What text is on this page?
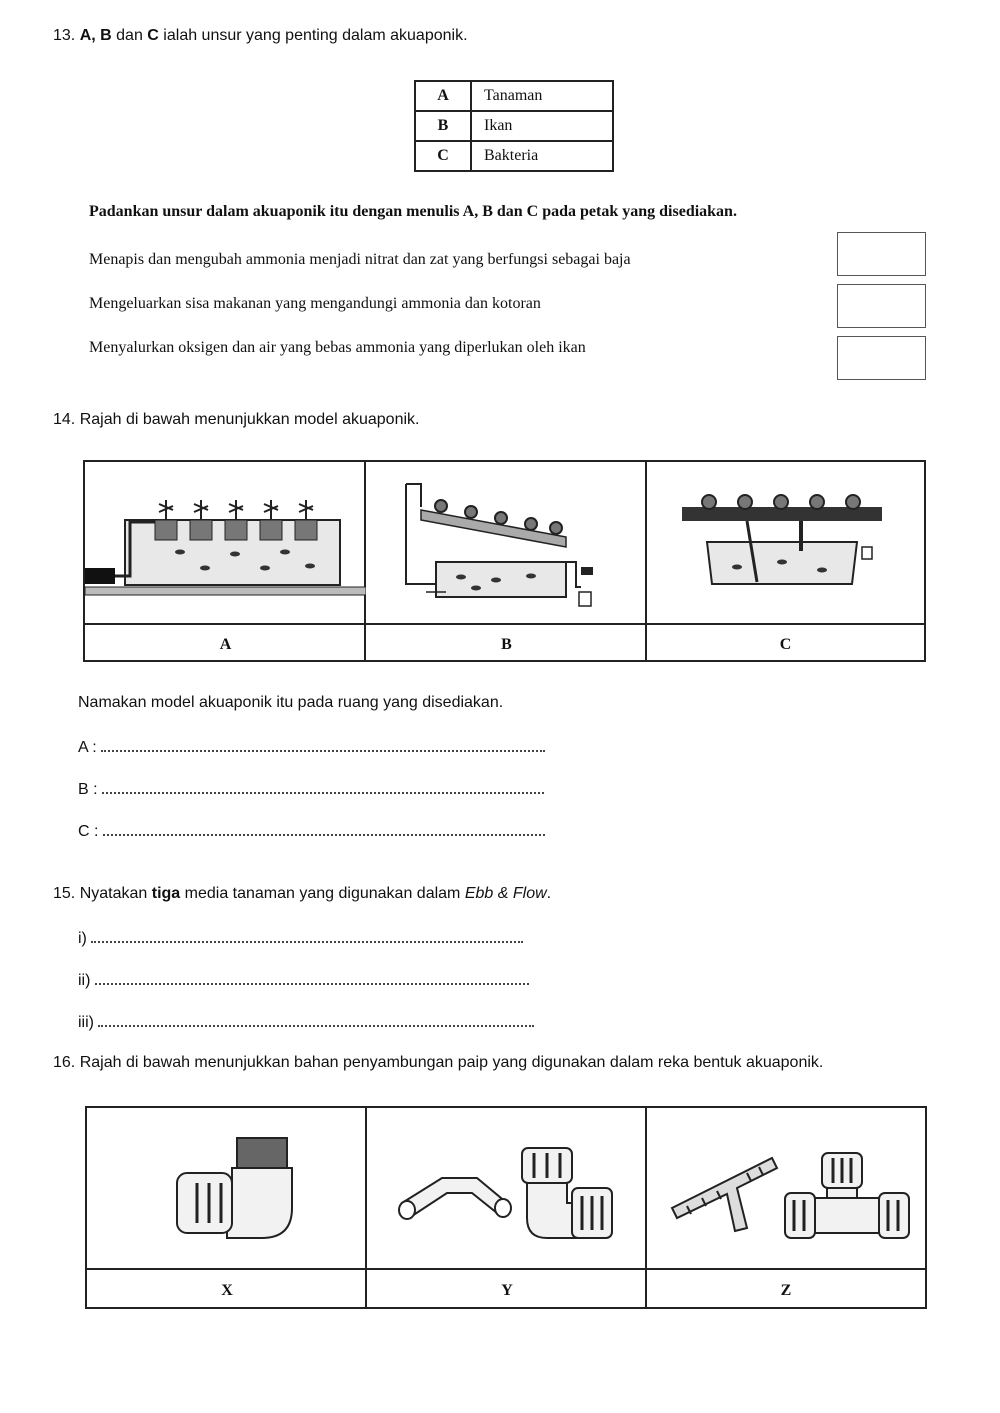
13. A, B dan C ialah unsur yang penting dalam akuaponik.
A	Tanaman
B	Ikan
C	Bakteria
Padankan unsur dalam akuaponik itu dengan menulis A, B dan C pada petak yang disediakan.
Menapis dan mengubah ammonia menjadi nitrat dan zat yang berfungsi sebagai baja
Mengeluarkan sisa makanan yang mengandungi ammonia dan kotoran
Menyalurkan oksigen dan air yang bebas ammonia yang diperlukan oleh ikan
14. Rajah di bawah menunjukkan model akuaponik.
A	B	C
Namakan model akuaponik itu pada ruang yang disediakan.
A :
B :
C :
15. Nyatakan tiga media tanaman yang digunakan dalam Ebb & Flow.
i)
ii)
iii)
16. Rajah di bawah menunjukkan bahan penyambungan paip yang digunakan dalam reka bentuk akuaponik.
X	Y	Z
